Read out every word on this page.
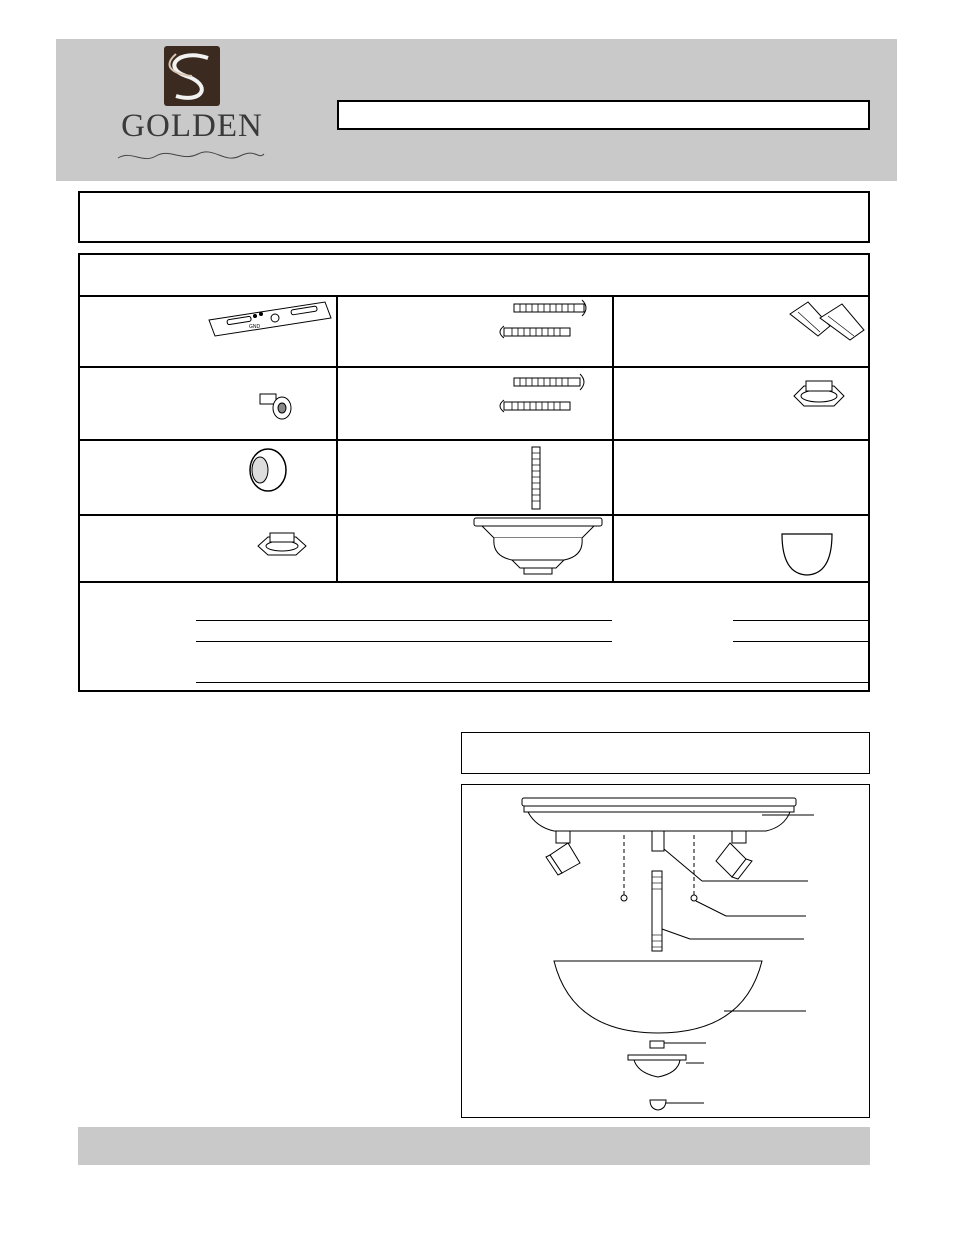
GOLDEN
GND
